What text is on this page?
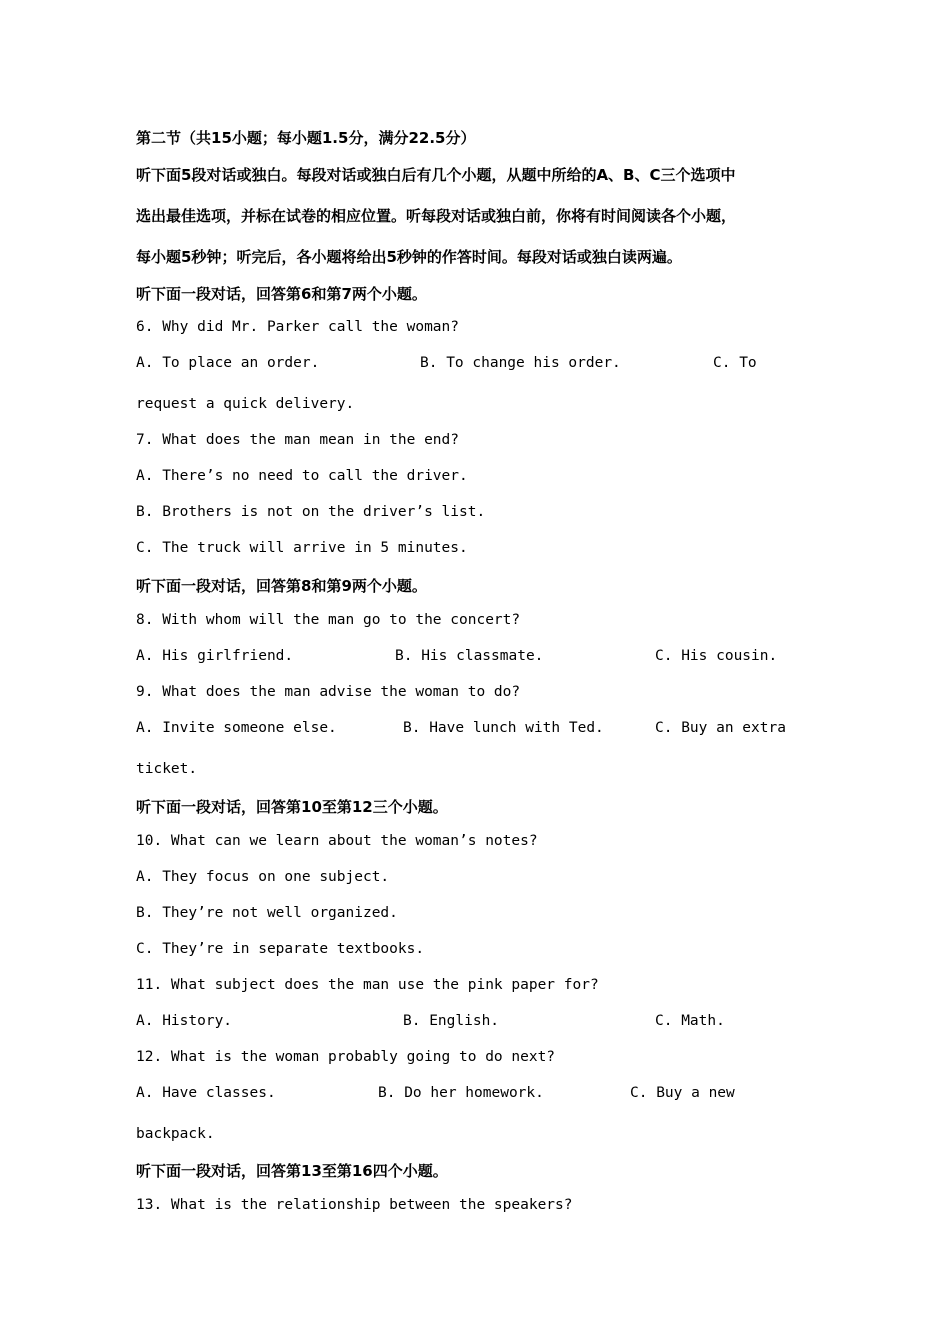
第二节（共15小题；每小题1.5分，满分22.5分）
听下面5段对话或独白。每段对话或独白后有几个小题，从题中所给的A、B、C三个选项中
选出最佳选项，并标在试卷的相应位置。听每段对话或独白前，你将有时间阅读各个小题，
每小题5秒钟；听完后，各小题将给出5秒钟的作答时间。每段对话或独白读两遍。
听下面一段对话，回答第6和第7两个小题。
6. Why did Mr. Parker call the woman?
A. To place an order.	B. To change his order.	C. To
request a quick delivery.
7. What does the man mean in the end?
A. There’s no need to call the driver.
B. Brothers is not on the driver’s list.
C. The truck will arrive in 5 minutes.
听下面一段对话，回答第8和第9两个小题。
8. With whom will the man go to the concert?
A. His girlfriend.	B. His classmate.	C. His cousin.
9. What does the man advise the woman to do?
A. Invite someone else.	B. Have lunch with Ted.	C. Buy an extra
ticket.
听下面一段对话，回答第10至第12三个小题。
10. What can we learn about the woman’s notes?
A. They focus on one subject.
B. They’re not well organized.
C. They’re in separate textbooks.
11. What subject does the man use the pink paper for?
A. History.	B. English.	C. Math.
12. What is the woman probably going to do next?
A. Have classes.	B. Do her homework.	C. Buy a new
backpack.
听下面一段对话，回答第13至第16四个小题。
13. What is the relationship between the speakers?
